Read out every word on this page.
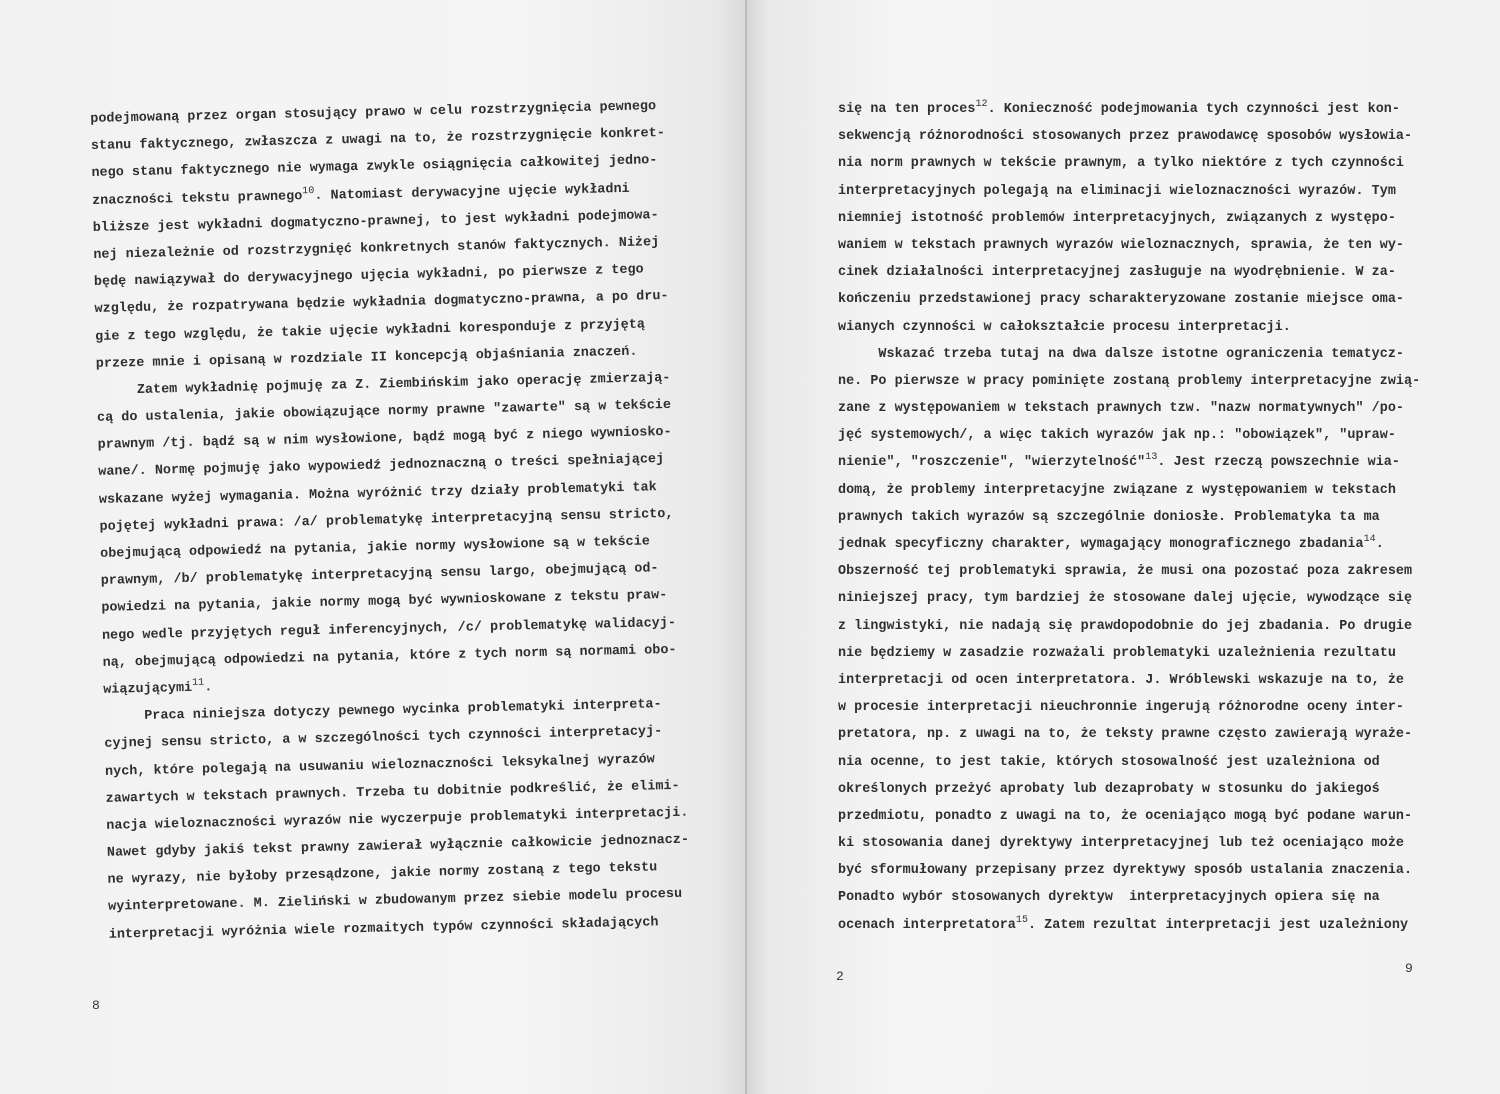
podejmowaną przez organ stosujący prawo w celu rozstrzygnięcia pewnego
stanu faktycznego, zwłaszcza z uwagi na to, że rozstrzygnięcie konkret-
nego stanu faktycznego nie wymaga zwykle osiągnięcia całkowitej jedno-
znaczności tekstu prawnego$^{10}$. Natomiast derywacyjne ujęcie wykładni
bliższe jest wykładni dogmatyczno-prawnej, to jest wykładni podejmowa-
nej niezależnie od rozstrzygnięć konkretnych stanów faktycznych. Niżej
będę nawiązywał do derywacyjnego ujęcia wykładni, po pierwsze z tego
względu, że rozpatrywana będzie wykładnia dogmatyczno-prawna, a po dru-
gie z tego względu, że takie ujęcie wykładni koresponduje z przyjętą
przeze mnie i opisaną w rozdziale II koncepcją objaśniania znaczeń.
Zatem wykładnię pojmuję za Z. Ziembińskim jako operację zmierzają-
cą do ustalenia, jakie obowiązujące normy prawne "zawarte" są w tekście
prawnym /tj. bądź są w nim wysłowione, bądź mogą być z niego wywniosko-
wane/. Normę pojmuję jako wypowiedź jednoznaczną o treści spełniającej
wskazane wyżej wymagania. Można wyróżnić trzy działy problematyki tak
pojętej wykładni prawa: /a/ problematykę interpretacyjną sensu stricto,
obejmującą odpowiedź na pytania, jakie normy wysłowione są w tekście
prawnym, /b/ problematykę interpretacyjną sensu largo, obejmującą od-
powiedzi na pytania, jakie normy mogą być wywnioskowane z tekstu praw-
nego wedle przyjętych reguł inferencyjnych, /c/ problematykę walidacyj-
ną, obejmującą odpowiedzi na pytania, które z tych norm są normami obo-
wiązującymi$^{11}$.
Praca niniejsza dotyczy pewnego wycinka problematyki interpreta-
cyjnej sensu stricto, a w szczególności tych czynności interpretacyj-
nych, które polegają na usuwaniu wieloznaczności leksykalnej wyrazów
zawartych w tekstach prawnych. Trzeba tu dobitnie podkreślić, że elimi-
nacja wieloznaczności wyrazów nie wyczerpuje problematyki interpretacji.
Nawet gdyby jakiś tekst prawny zawierał wyłącznie całkowicie jednoznacz-
ne wyrazy, nie byłoby przesądzone, jakie normy zostaną z tego tekstu
wyinterpretowane. M. Zieliński w zbudowanym przez siebie modelu procesu
interpretacji wyróżnia wiele rozmaitych typów czynności składających
8
się na ten proces$^{12}$. Konieczność podejmowania tych czynności jest kon-
sekwencją różnorodności stosowanych przez prawodawcę sposobów wysłowia-
nia norm prawnych w tekście prawnym, a tylko niektóre z tych czynności
interpretacyjnych polegają na eliminacji wieloznaczności wyrazów. Tym
niemniej istotność problemów interpretacyjnych, związanych z występo-
waniem w tekstach prawnych wyrazów wieloznacznych, sprawia, że ten wy-
cinek działalności interpretacyjnej zasługuje na wyodrębnienie. W za-
kończeniu przedstawionej pracy scharakteryzowane zostanie miejsce oma-
wianych czynności w całokształcie procesu interpretacji.
Wskazać trzeba tutaj na dwa dalsze istotne ograniczenia tematycz-
ne. Po pierwsze w pracy pominięte zostaną problemy interpretacyjne zwią-
zane z występowaniem w tekstach prawnych tzw. "nazw normatywnych" /po-
jęć systemowych/, a więc takich wyrazów jak np.: "obowiązek", "upraw-
nienie", "roszczenie", "wierzytelność"$^{13}$. Jest rzeczą powszechnie wia-
domą, że problemy interpretacyjne związane z występowaniem w tekstach
prawnych takich wyrazów są szczególnie doniosłe. Problematyka ta ma
jednak specyficzny charakter, wymagający monograficznego zbadania$^{14}$.
Obszerność tej problematyki sprawia, że musi ona pozostać poza zakresem
niniejszej pracy, tym bardziej że stosowane dalej ujęcie, wywodzące się
z lingwistyki, nie nadają się prawdopodobnie do jej zbadania. Po drugie
nie będziemy w zasadzie rozważali problematyki uzależnienia rezultatu
interpretacji od ocen interpretatora. J. Wróblewski wskazuje na to, że
w procesie interpretacji nieuchronnie ingerują różnorodne oceny inter-
pretatora, np. z uwagi na to, że teksty prawne często zawierają wyraże-
nia ocenne, to jest takie, których stosowalność jest uzależniona od
określonych przeżyć aprobaty lub dezaprobaty w stosunku do jakiegoś
przedmiotu, ponadto z uwagi na to, że oceniająco mogą być podane warun-
ki stosowania danej dyrektywy interpretacyjnej lub też oceniająco może
być sformułowany przepisany przez dyrektywy sposób ustalania znaczenia.
Ponadto wybór stosowanych dyrektyw  interpretacyjnych opiera się na
ocenach interpretatora$^{15}$. Zatem rezultat interpretacji jest uzależniony
2
9
